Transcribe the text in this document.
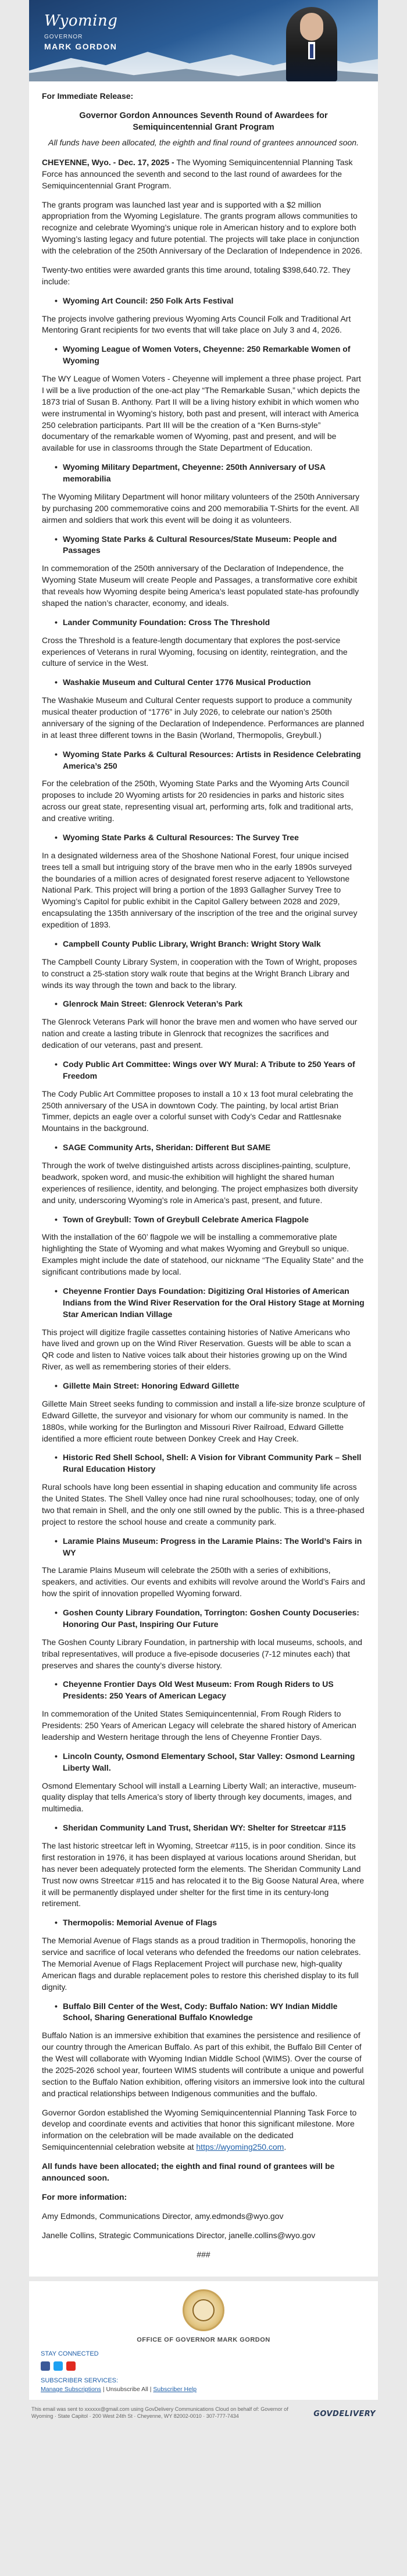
Wyoming
GOVERNOR
MARK GORDON

For Immediate Release:

Governor Gordon Announces Seventh Round of Awardees for Semiquincentennial Grant Program

All funds have been allocated, the eighth and final round of grantees announced soon.

CHEYENNE, Wyo. - Dec. 17, 2025 - The Wyoming Semiquincentennial Planning Task Force has announced the seventh and second to the last round of awardees for the Semiquincentennial Grant Program.

The grants program was launched last year and is supported with a $2 million appropriation from the Wyoming Legislature. The grants program allows communities to recognize and celebrate Wyoming’s unique role in American history and to explore both Wyoming’s lasting legacy and future potential. The projects will take place in conjunction with the celebration of the 250th Anniversary of the Declaration of Independence in 2026.

Twenty-two entities were awarded grants this time around, totaling $398,640.72. They include:

• Wyoming Art Council: 250 Folk Arts Festival

The projects involve gathering previous Wyoming Arts Council Folk and Traditional Art Mentoring Grant recipients for two events that will take place on July 3 and 4, 2026.

• Wyoming League of Women Voters, Cheyenne: 250 Remarkable Women of Wyoming

The WY League of Women Voters - Cheyenne will implement a three phase project. Part I will be a live production of the one-act play “The Remarkable Susan,” which depicts the 1873 trial of Susan B. Anthony. Part II will be a living history exhibit in which women who were instrumental in Wyoming’s history, both past and present, will interact with America 250 celebration participants. Part III will be the creation of a “Ken Burns-style” documentary of the remarkable women of Wyoming, past and present, and will be available for use in classrooms through the State Department of Education.

• Wyoming Military Department, Cheyenne: 250th Anniversary of USA memorabilia

The Wyoming Military Department will honor military volunteers of the 250th Anniversary by purchasing 200 commemorative coins and 200 memorabilia T-Shirts for the event. All airmen and soldiers that work this event will be doing it as volunteers.

• Wyoming State Parks & Cultural Resources/State Museum: People and Passages

In commemoration of the 250th anniversary of the Declaration of Independence, the Wyoming State Museum will create People and Passages, a transformative core exhibit that reveals how Wyoming despite being America’s least populated state-has profoundly shaped the nation’s character, economy, and ideals.

• Lander Community Foundation: Cross The Threshold

Cross the Threshold is a feature-length documentary that explores the post-service experiences of Veterans in rural Wyoming, focusing on identity, reintegration, and the culture of service in the West.

• Washakie Museum and Cultural Center 1776 Musical Production

The Washakie Museum and Cultural Center requests support to produce a community musical theater production of “1776” in July 2026, to celebrate our nation’s 250th anniversary of the signing of the Declaration of Independence. Performances are planned in at least three different towns in the Basin (Worland, Thermopolis, Greybull.)

• Wyoming State Parks & Cultural Resources: Artists in Residence Celebrating America’s 250

For the celebration of the 250th, Wyoming State Parks and the Wyoming Arts Council proposes to include 20 Wyoming artists for 20 residencies in parks and historic sites across our great state, representing visual art, performing arts, folk and traditional arts, and creative writing.

• Wyoming State Parks & Cultural Resources: The Survey Tree

In a designated wilderness area of the Shoshone National Forest, four unique incised trees tell a small but intriguing story of the brave men who in the early 1890s surveyed the boundaries of a million acres of designated forest reserve adjacent to Yellowstone National Park. This project will bring a portion of the 1893 Gallagher Survey Tree to Wyoming’s Capitol for public exhibit in the Capitol Gallery between 2028 and 2029, encapsulating the 135th anniversary of the inscription of the tree and the original survey expedition of 1893.

• Campbell County Public Library, Wright Branch: Wright Story Walk

The Campbell County Library System, in cooperation with the Town of Wright, proposes to construct a 25-station story walk route that begins at the Wright Branch Library and winds its way through the town and back to the library.

• Glenrock Main Street: Glenrock Veteran’s Park

The Glenrock Veterans Park will honor the brave men and women who have served our nation and create a lasting tribute in Glenrock that recognizes the sacrifices and dedication of our veterans, past and present.

• Cody Public Art Committee: Wings over WY Mural: A Tribute to 250 Years of Freedom

The Cody Public Art Committee proposes to install a 10 x 13 foot mural celebrating the 250th anniversary of the USA in downtown Cody. The painting, by local artist Brian Timmer, depicts an eagle over a colorful sunset with Cody’s Cedar and Rattlesnake Mountains in the background.

• SAGE Community Arts, Sheridan: Different But SAME

Through the work of twelve distinguished artists across disciplines-painting, sculpture, beadwork, spoken word, and music-the exhibition will highlight the shared human experiences of resilience, identity, and belonging. The project emphasizes both diversity and unity, underscoring Wyoming’s role in America’s past, present, and future.

• Town of Greybull: Town of Greybull Celebrate America Flagpole

With the installation of the 60’ flagpole we will be installing a commemorative plate highlighting the State of Wyoming and what makes Wyoming and Greybull so unique. Examples might include the date of statehood, our nickname “The Equality State” and the significant contributions made by local.

• Cheyenne Frontier Days Foundation: Digitizing Oral Histories of American Indians from the Wind River Reservation for the Oral History Stage at Morning Star American Indian Village

This project will digitize fragile cassettes containing histories of Native Americans who have lived and grown up on the Wind River Reservation. Guests will be able to scan a QR code and listen to Native voices talk about their histories growing up on the Wind River, as well as remembering stories of their elders.

• Gillette Main Street: Honoring Edward Gillette

Gillette Main Street seeks funding to commission and install a life-size bronze sculpture of Edward Gillette, the surveyor and visionary for whom our community is named. In the 1880s, while working for the Burlington and Missouri River Railroad, Edward Gillette identified a more efficient route between Donkey Creek and Hay Creek.

• Historic Red Shell School, Shell: A Vision for Vibrant Community Park – Shell Rural Education History

Rural schools have long been essential in shaping education and community life across the United States. The Shell Valley once had nine rural schoolhouses; today, one of only two that remain in Shell, and the only one still owned by the public. This is a three-phased project to restore the school house and create a community park.

• Laramie Plains Museum: Progress in the Laramie Plains: The World’s Fairs in WY

The Laramie Plains Museum will celebrate the 250th with a series of exhibitions, speakers, and activities. Our events and exhibits will revolve around the World’s Fairs and how the spirit of innovation propelled Wyoming forward.

• Goshen County Library Foundation, Torrington: Goshen County Docuseries: Honoring Our Past, Inspiring Our Future

The Goshen County Library Foundation, in partnership with local museums, schools, and tribal representatives, will produce a five-episode docuseries (7-12 minutes each) that preserves and shares the county’s diverse history.

• Cheyenne Frontier Days Old West Museum: From Rough Riders to US Presidents: 250 Years of American Legacy

In commemoration of the United States Semiquincentennial, From Rough Riders to Presidents: 250 Years of American Legacy will celebrate the shared history of American leadership and Western heritage through the lens of Cheyenne Frontier Days.

• Lincoln County, Osmond Elementary School, Star Valley: Osmond Learning Liberty Wall.

Osmond Elementary School will install a Learning Liberty Wall; an interactive, museum-quality display that tells America’s story of liberty through key documents, images, and multimedia.

• Sheridan Community Land Trust, Sheridan WY: Shelter for Streetcar #115

The last historic streetcar left in Wyoming, Streetcar #115, is in poor condition. Since its first restoration in 1976, it has been displayed at various locations around Sheridan, but has never been adequately protected form the elements. The Sheridan Community Land Trust now owns Streetcar #115 and has relocated it to the Big Goose Natural Area, where it will be permanently displayed under shelter for the first time in its century-long retirement.

• Thermopolis: Memorial Avenue of Flags

The Memorial Avenue of Flags stands as a proud tradition in Thermopolis, honoring the service and sacrifice of local veterans who defended the freedoms our nation celebrates. The Memorial Avenue of Flags Replacement Project will purchase new, high-quality American flags and durable replacement poles to restore this cherished display to its full dignity.

• Buffalo Bill Center of the West, Cody: Buffalo Nation: WY Indian Middle School, Sharing Generational Buffalo Knowledge

Buffalo Nation is an immersive exhibition that examines the persistence and resilience of our country through the American Buffalo. As part of this exhibit, the Buffalo Bill Center of the West will collaborate with Wyoming Indian Middle School (WIMS). Over the course of the 2025-2026 school year, fourteen WIMS students will contribute a unique and powerful section to the Buffalo Nation exhibition, offering visitors an immersive look into the cultural and practical relationships between Indigenous communities and the buffalo.

Governor Gordon established the Wyoming Semiquincentennial Planning Task Force to develop and coordinate events and activities that honor this significant milestone. More information on the celebration will be made available on the dedicated Semiquincentennial celebration website at https://wyoming250.com.

All funds have been allocated; the eighth and final round of grantees will be announced soon.

For more information:

Amy Edmonds, Communications Director, amy.edmonds@wyo.gov

Janelle Collins, Strategic Communications Director, janelle.collins@wyo.gov

###

OFFICE OF GOVERNOR MARK GORDON
STAY CONNECTED
SUBSCRIBER SERVICES:
Manage Subscriptions | Unsubscribe All | Subscriber Help
This email was sent to xxxxxx@gmail.com using GovDelivery Communications Cloud on behalf of: Governor of Wyoming · State Capitol · 200 West 24th St · Cheyenne, WY 82002-0010 · 307-777-7434	GOVDELIVERY
